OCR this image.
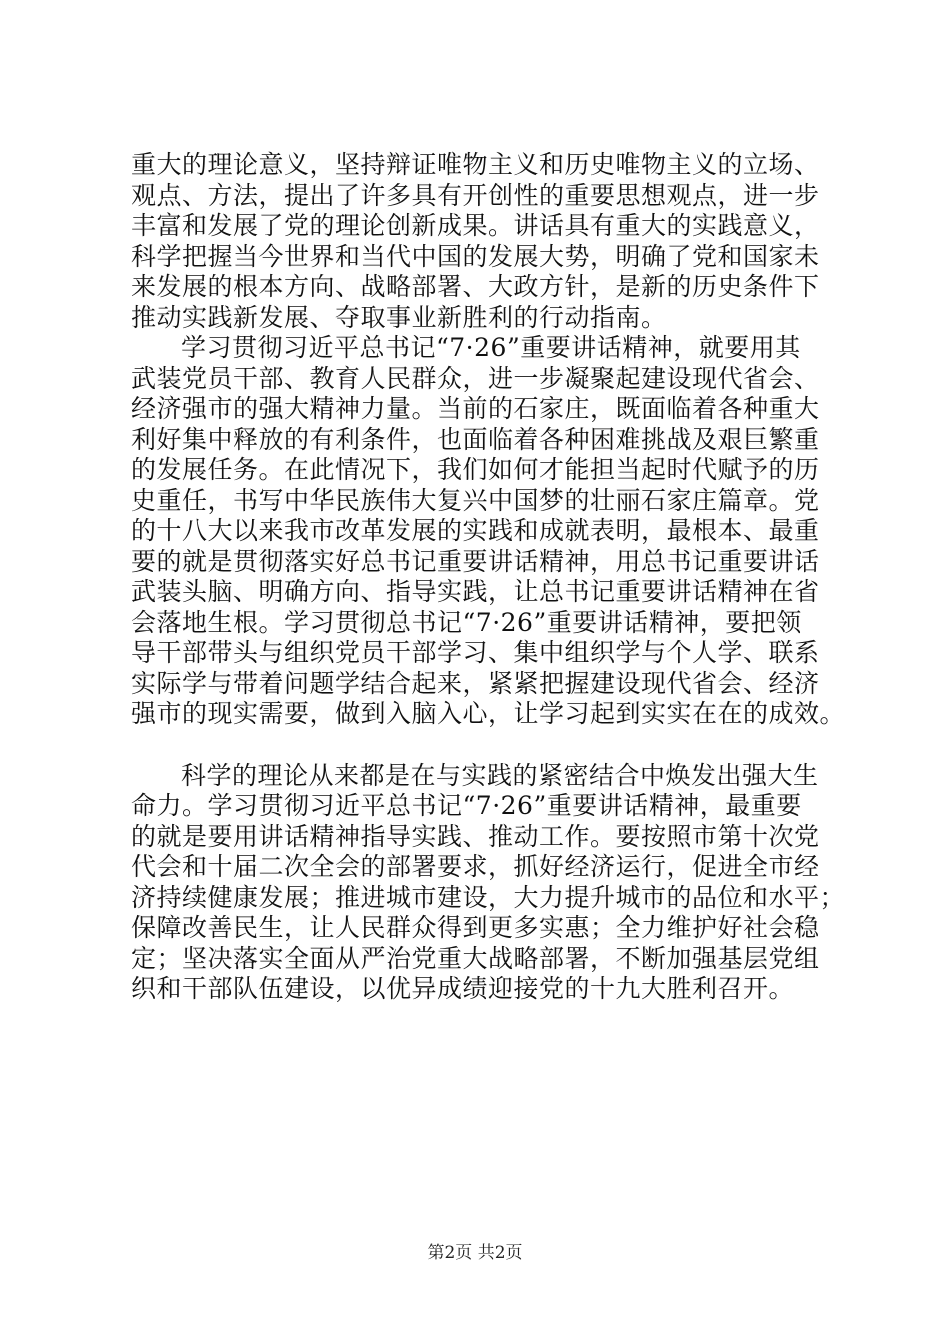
重大的理论意义，坚持辩证唯物主义和历史唯物主义的立场、
观点、方法，提出了许多具有开创性的重要思想观点，进一步
丰富和发展了党的理论创新成果。讲话具有重大的实践意义，
科学把握当今世界和当代中国的发展大势，明确了党和国家未
来发展的根本方向、战略部署、大政方针，是新的历史条件下
推动实践新发展、夺取事业新胜利的行动指南。
学习贯彻习近平总书记“7·26”重要讲话精神，就要用其
武装党员干部、教育人民群众，进一步凝聚起建设现代省会、
经济强市的强大精神力量。当前的石家庄，既面临着各种重大
利好集中释放的有利条件，也面临着各种困难挑战及艰巨繁重
的发展任务。在此情况下，我们如何才能担当起时代赋予的历
史重任，书写中华民族伟大复兴中国梦的壮丽石家庄篇章。党
的十八大以来我市改革发展的实践和成就表明，最根本、最重
要的就是贯彻落实好总书记重要讲话精神，用总书记重要讲话
武装头脑、明确方向、指导实践，让总书记重要讲话精神在省
会落地生根。学习贯彻总书记“7·26”重要讲话精神，要把领
导干部带头与组织党员干部学习、集中组织学与个人学、联系
实际学与带着问题学结合起来，紧紧把握建设现代省会、经济
强市的现实需要，做到入脑入心，让学习起到实实在在的成效。
科学的理论从来都是在与实践的紧密结合中焕发出强大生
命力。学习贯彻习近平总书记“7·26”重要讲话精神，最重要
的就是要用讲话精神指导实践、推动工作。要按照市第十次党
代会和十届二次全会的部署要求，抓好经济运行，促进全市经
济持续健康发展；推进城市建设，大力提升城市的品位和水平；
保障改善民生，让人民群众得到更多实惠；全力维护好社会稳
定；坚决落实全面从严治党重大战略部署，不断加强基层党组
织和干部队伍建设，以优异成绩迎接党的十九大胜利召开。
第2页 共2页
